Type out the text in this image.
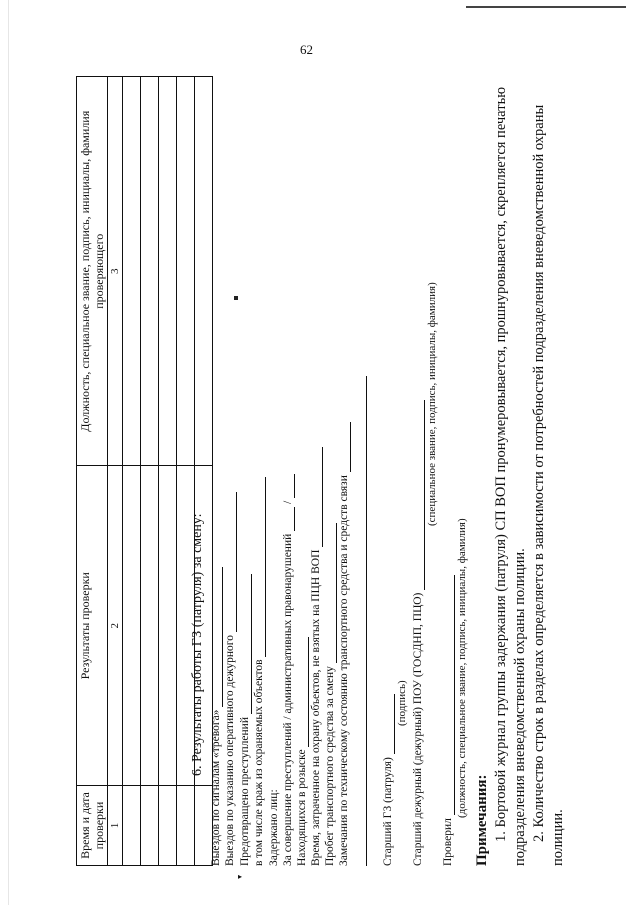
62
▸
Время и дата проверки	Результаты проверки	Должность, специальное звание, подпись, инициалы, фамилия проверяющего
1	2	3

6. Результаты работы ГЗ (патруля) за смену:
Выездов по сигналам «тревога» Выездов по указанию оперативного дежурного Предотвращено преступлений в том числе краж из охраняемых объектов Задержано лиц: За совершение преступлений / административных правонарушений  /
Находящихся в розыске Время, затраченное на охрану объектов, не взятых на ПЦН ВОП Пробег транспортного средства за смену Замечания по техническому состоянию транспортного средства и средств связи	Старший ГЗ (патруля)
(подпись) Старший дежурный (дежурный) ПОУ (ГОСДНП, ПЦО)
(специальное звание, подпись, инициалы, фамилия)
Проверил
(должность, специальное звание, подпись, инициалы, фамилия)
Примечания: 1. Бортовой журнал группы задержания (патруля) СП ВОП пронумеровывается, прошнуровывается, скрепляется печатью подразделения вневедомственной охраны полиции. 2. Количество строк в разделах определяется в зависимости от потребностей подразделения вневедомственной охраны полиции.
